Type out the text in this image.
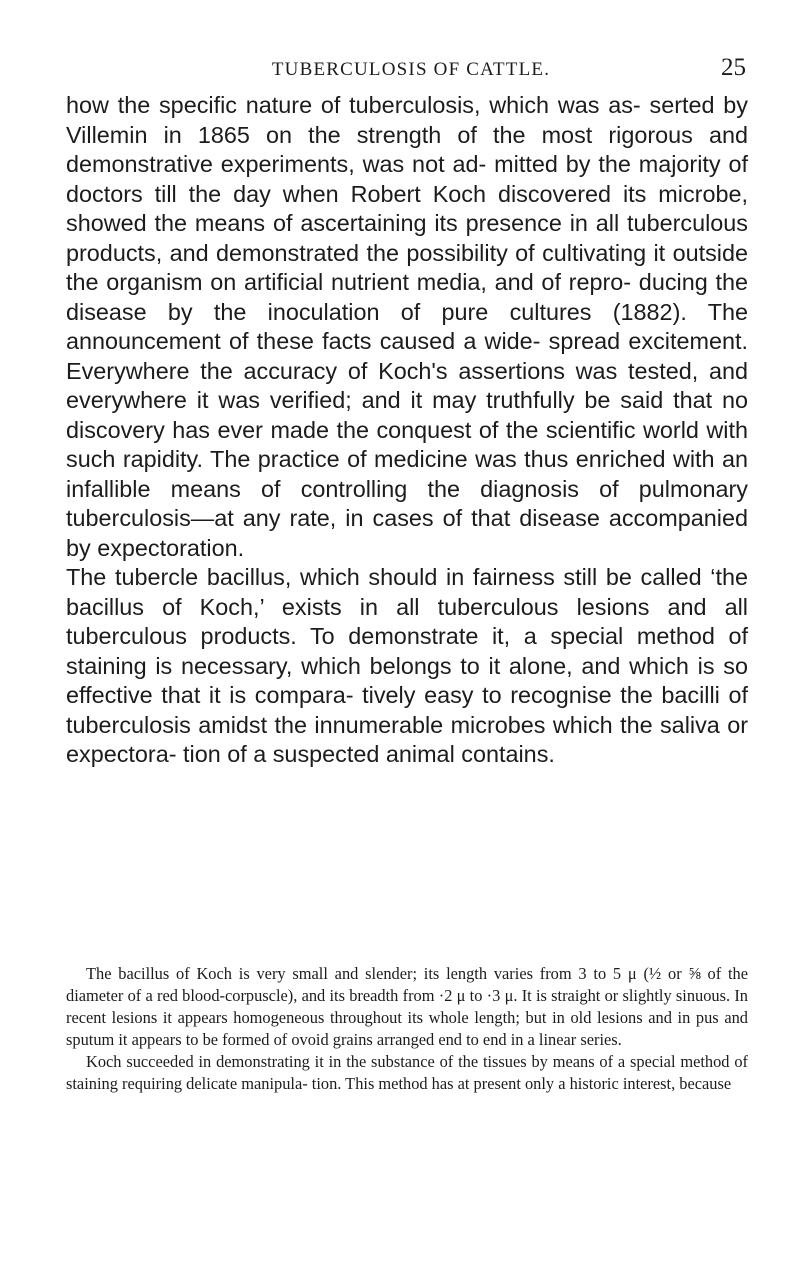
TUBERCULOSIS OF CATTLE.	25

how the specific nature of tuberculosis, which was as- serted by Villemin in 1865 on the strength of the most rigorous and demonstrative experiments, was not ad- mitted by the majority of doctors till the day when Robert Koch discovered its microbe, showed the means of ascertaining its presence in all tuberculous products, and demonstrated the possibility of cultivating it outside the organism on artificial nutrient media, and of repro- ducing the disease by the inoculation of pure cultures (1882). The announcement of these facts caused a wide- spread excitement. Everywhere the accuracy of Koch's assertions was tested, and everywhere it was verified; and it may truthfully be said that no discovery has ever made the conquest of the scientific world with such rapidity. The practice of medicine was thus enriched with an infallible means of controlling the diagnosis of pulmonary tuberculosis—at any rate, in cases of that disease accompanied by expectoration.

The tubercle bacillus, which should in fairness still be called ‘the bacillus of Koch,’ exists in all tuberculous lesions and all tuberculous products. To demonstrate it, a special method of staining is necessary, which belongs to it alone, and which is so effective that it is compara- tively easy to recognise the bacilli of tuberculosis amidst the innumerable microbes which the saliva or expectora- tion of a suspected animal contains.

The bacillus of Koch is very small and slender; its length varies from 3 to 5 μ (½ or ⅝ of the diameter of a red blood-corpuscle), and its breadth from ·2 μ to ·3 μ. It is straight or slightly sinuous. In recent lesions it appears homogeneous throughout its whole length; but in old lesions and in pus and sputum it appears to be formed of ovoid grains arranged end to end in a linear series.

Koch succeeded in demonstrating it in the substance of the tissues by means of a special method of staining requiring delicate manipula- tion. This method has at present only a historic interest, because
